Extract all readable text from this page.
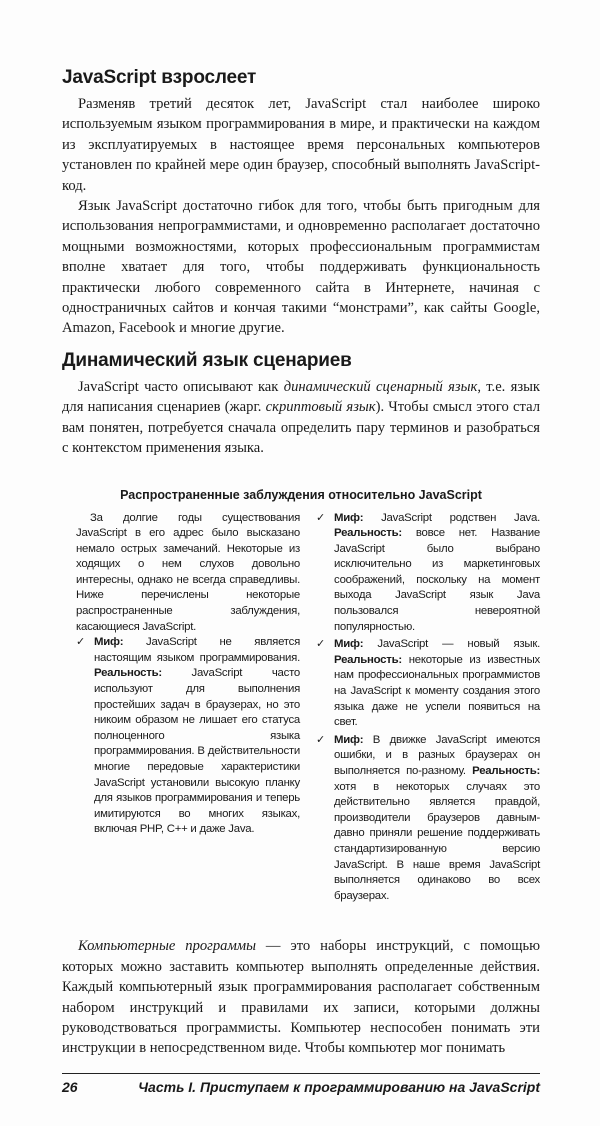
JavaScript взрослеет

Разменяв третий десяток лет, JavaScript стал наиболее широко используемым языком программирования в мире, и практически на каждом из эксплуатируемых в настоящее время персональных компьютеров установлен по крайней мере один браузер, способный выполнять JavaScript-код.

Язык JavaScript достаточно гибок для того, чтобы быть пригодным для использования непрограммистами, и одновременно располагает достаточно мощными возможностями, которых профессиональным программистам вполне хватает для того, чтобы поддерживать функциональность практически любого современного сайта в Интернете, начиная с одностраничных сайтов и кончая такими “монстрами”, как сайты Google, Amazon, Facebook и многие другие.

Динамический язык сценариев

JavaScript часто описывают как динамический сценарный язык, т.е. язык для написания сценариев (жарг. скриптовый язык). Чтобы смысл этого стал вам понятен, потребуется сначала определить пару терминов и разобраться с контекстом применения языка.

Распространенные заблуждения относительно JavaScript

За долгие годы существования JavaScript в его адрес было высказано немало острых замечаний. Некоторые из ходящих о нем слухов довольно интересны, однако не всегда справедливы. Ниже перечислены некоторые распространенные заблуждения, касающиеся JavaScript.

✓ Миф: JavaScript не является настоящим языком программирования. Реальность: JavaScript часто используют для выполнения простейших задач в браузерах, но это никоим образом не лишает его статуса полноценного языка программирования. В действительности многие передовые характеристики JavaScript установили высокую планку для языков программирования и теперь имитируются во многих языках, включая PHP, C++ и даже Java.
✓ Миф: JavaScript родствен Java. Реальность: вовсе нет. Название JavaScript было выбрано исключительно из маркетинговых соображений, поскольку на момент выхода JavaScript язык Java пользовался невероятной популярностью.
✓ Миф: JavaScript — новый язык. Реальность: некоторые из известных нам профессиональных программистов на JavaScript к моменту создания этого языка даже не успели появиться на свет.
✓ Миф: В движке JavaScript имеются ошибки, и в разных браузерах он выполняется по-разному. Реальность: хотя в некоторых случаях это действительно является правдой, производители браузеров давным-давно приняли решение поддерживать стандартизированную версию JavaScript. В наше время JavaScript выполняется одинаково во всех браузерах.

Компьютерные программы — это наборы инструкций, с помощью которых можно заставить компьютер выполнять определенные действия. Каждый компьютерный язык программирования располагает собственным набором инструкций и правилами их записи, которыми должны руководствоваться программисты. Компьютер неспособен понимать эти инструкции в непосредственном виде. Чтобы компьютер мог понимать

26	Часть I. Приступаем к программированию на JavaScript
